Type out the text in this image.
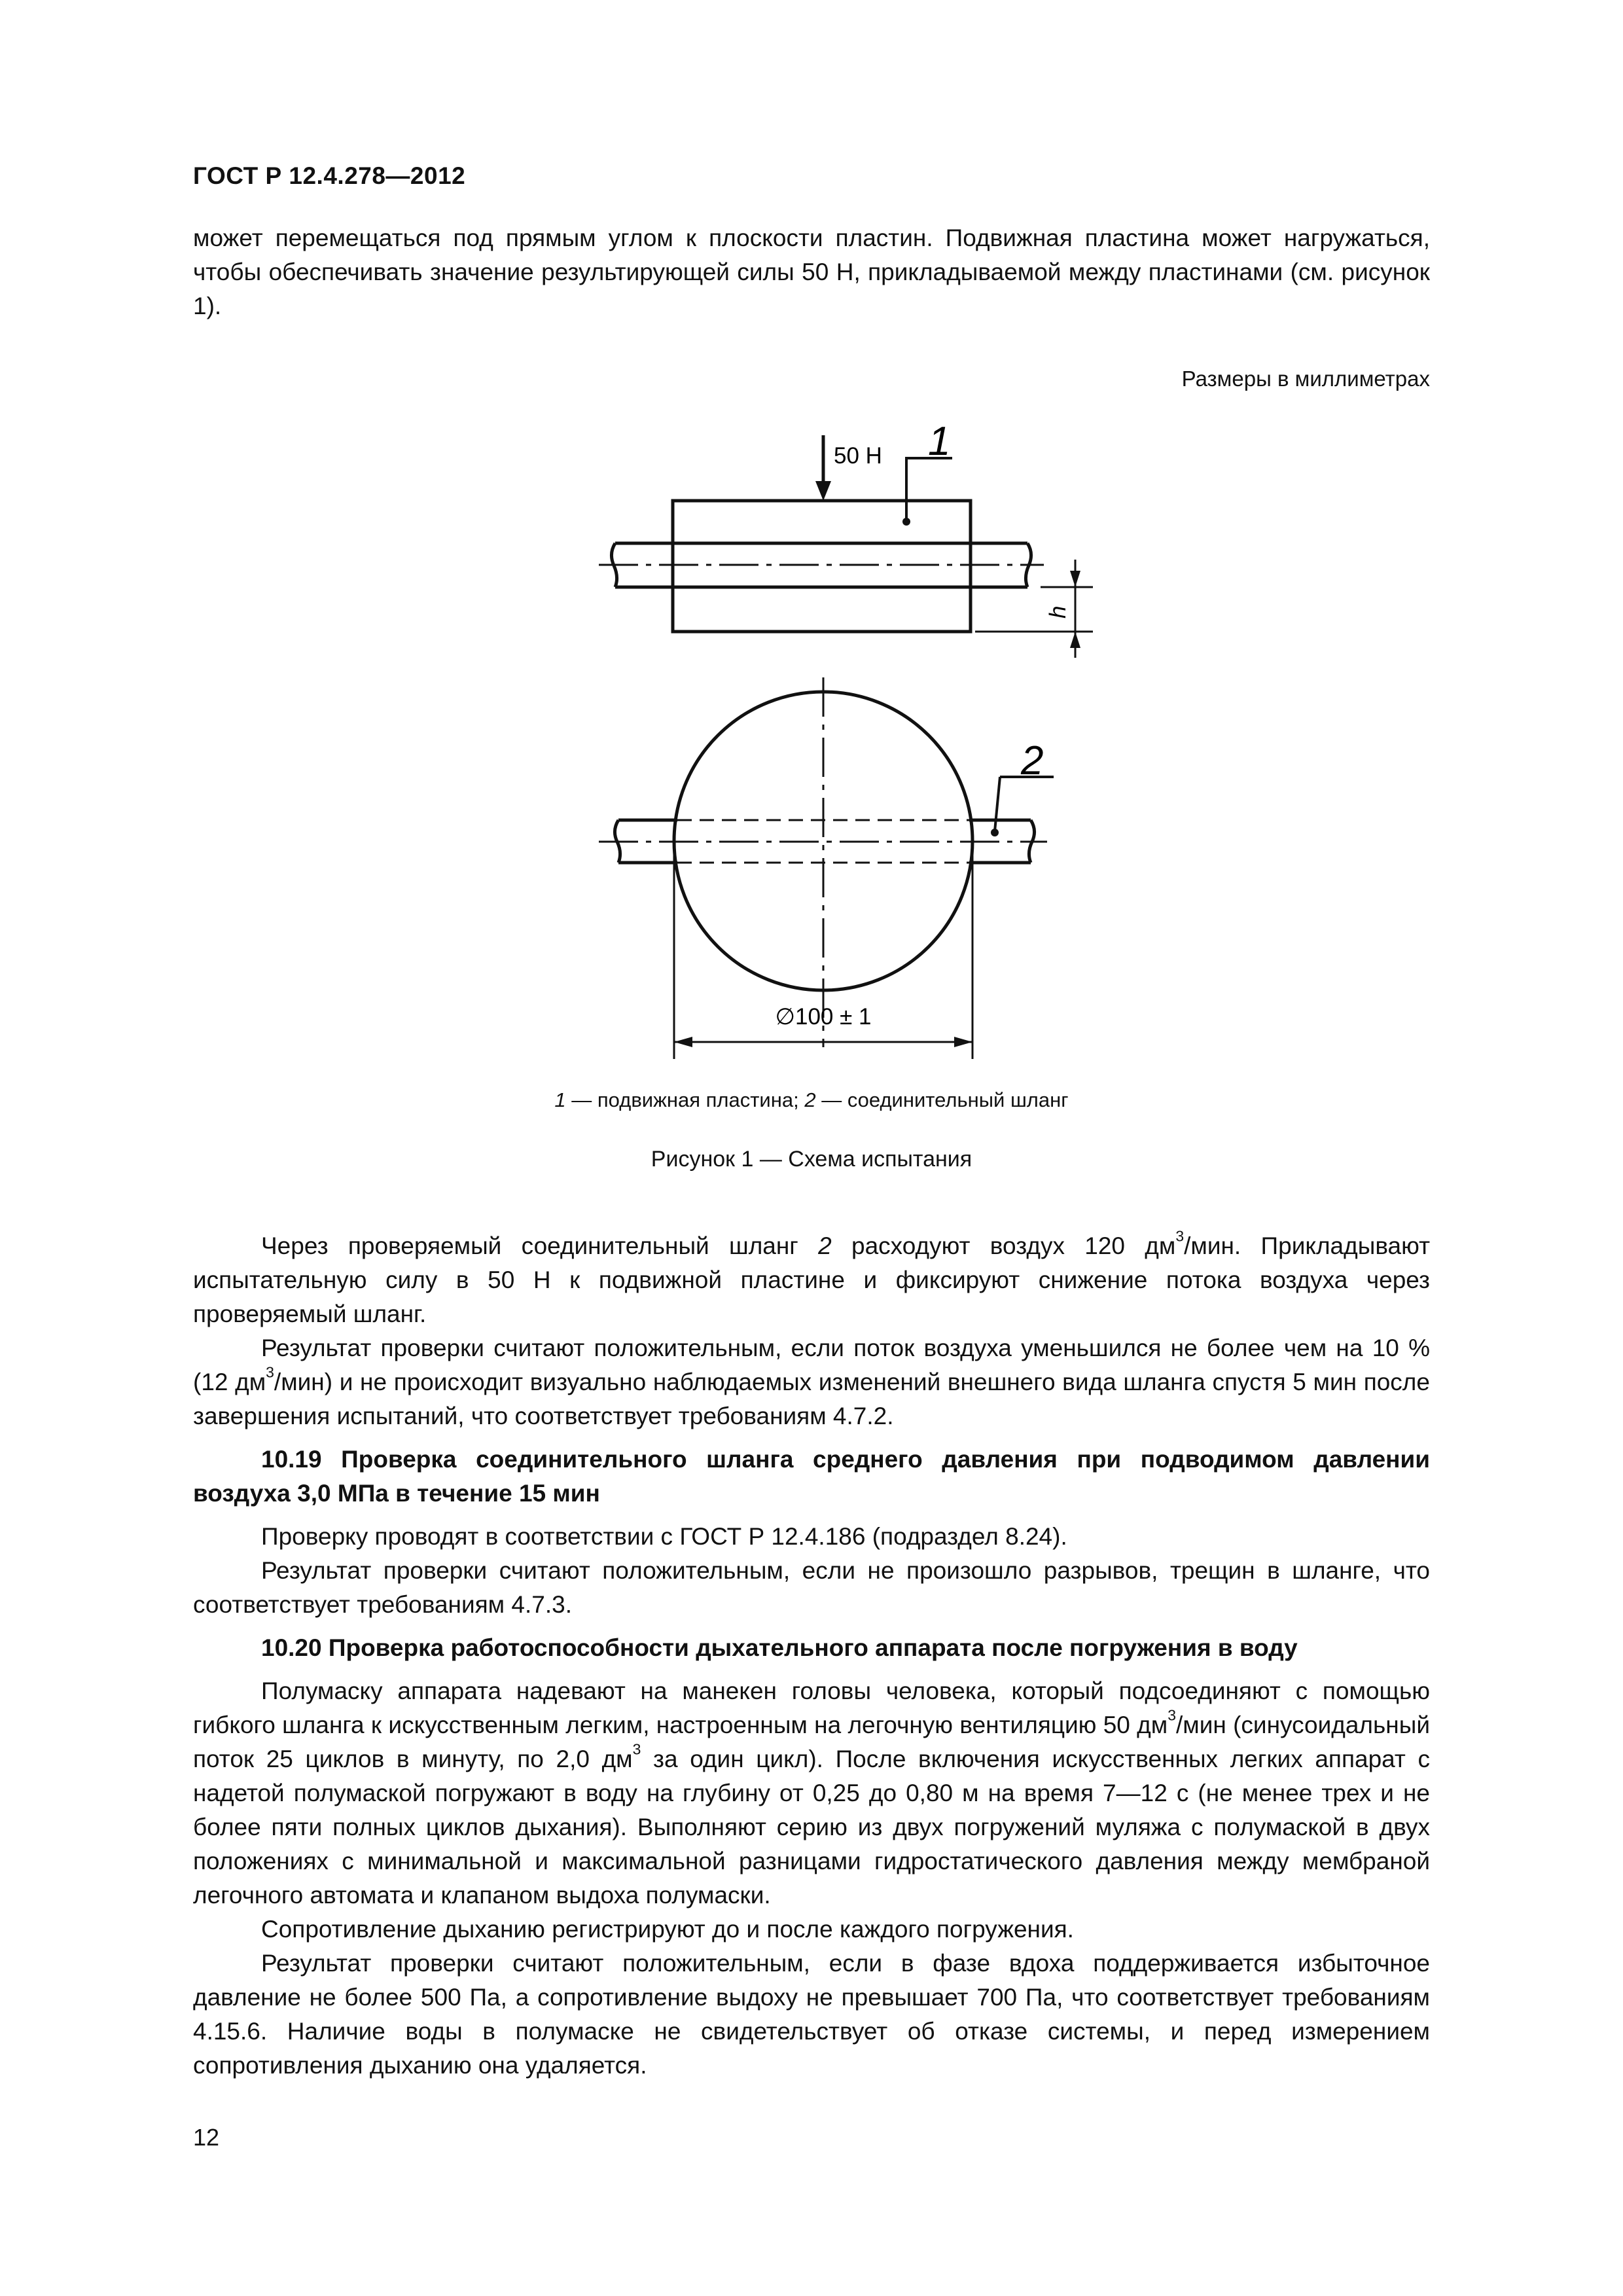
ГОСТ Р 12.4.278—2012

может перемещаться под прямым углом к плоскости пластин. Подвижная пластина может нагружаться, чтобы обеспечивать значение результирующей силы 50 Н, прикладываемой между пластинами (см. рисунок 1).

Размеры в миллиметрах
50 Н 1
h
2
∅100 ± 1
1 — подвижная пластина; 2 — соединительный шланг
Рисунок 1 — Схема испытания

Через проверяемый соединительный шланг 2 расходуют воздух 120 $дм^3$/мин. Прикладывают испытательную силу в 50 Н к подвижной пластине и фиксируют снижение потока воздуха через проверяемый шланг.

Результат проверки считают положительным, если поток воздуха уменьшился не более чем на 10 % (12 $дм^3/мин$) и не происходит визуально наблюдаемых изменений внешнего вида шланга спустя 5 мин после завершения испытаний, что соответствует требованиям 4.7.2.

10.19 Проверка соединительного шланга среднего давления при подводимом давлении воздуха 3,0 МПа в течение 15 мин

Проверку проводят в соответствии с ГОСТ Р 12.4.186 (подраздел 8.24).

Результат проверки считают положительным, если не произошло разрывов, трещин в шланге, что соответствует требованиям 4.7.3.

10.20 Проверка работоспособности дыхательного аппарата после погружения в воду

Полумаску аппарата надевают на манекен головы человека, который подсоединяют с помощью гибкого шланга к искусственным легким, настроенным на легочную вентиляцию 50 $дм^3$/мин (синусоидальный поток 25 циклов в минуту, по 2,0 $дм^3$ за один цикл). После включения искусственных легких аппарат с надетой полумаской погружают в воду на глубину от 0,25 до 0,80 м на время 7—12 с (не менее трех и не более пяти полных циклов дыхания). Выполняют серию из двух погружений муляжа с полумаской в двух положениях с минимальной и максимальной разницами гидростатического давления между мембраной легочного автомата и клапаном выдоха полумаски.

Сопротивление дыханию регистрируют до и после каждого погружения.

Результат проверки считают положительным, если в фазе вдоха поддерживается избыточное давление не более 500 Па, а сопротивление выдоху не превышает 700 Па, что соответствует требованиям 4.15.6. Наличие воды в полумаске не свидетельствует об отказе системы, и перед измерением сопротивления дыханию она удаляется.

12
